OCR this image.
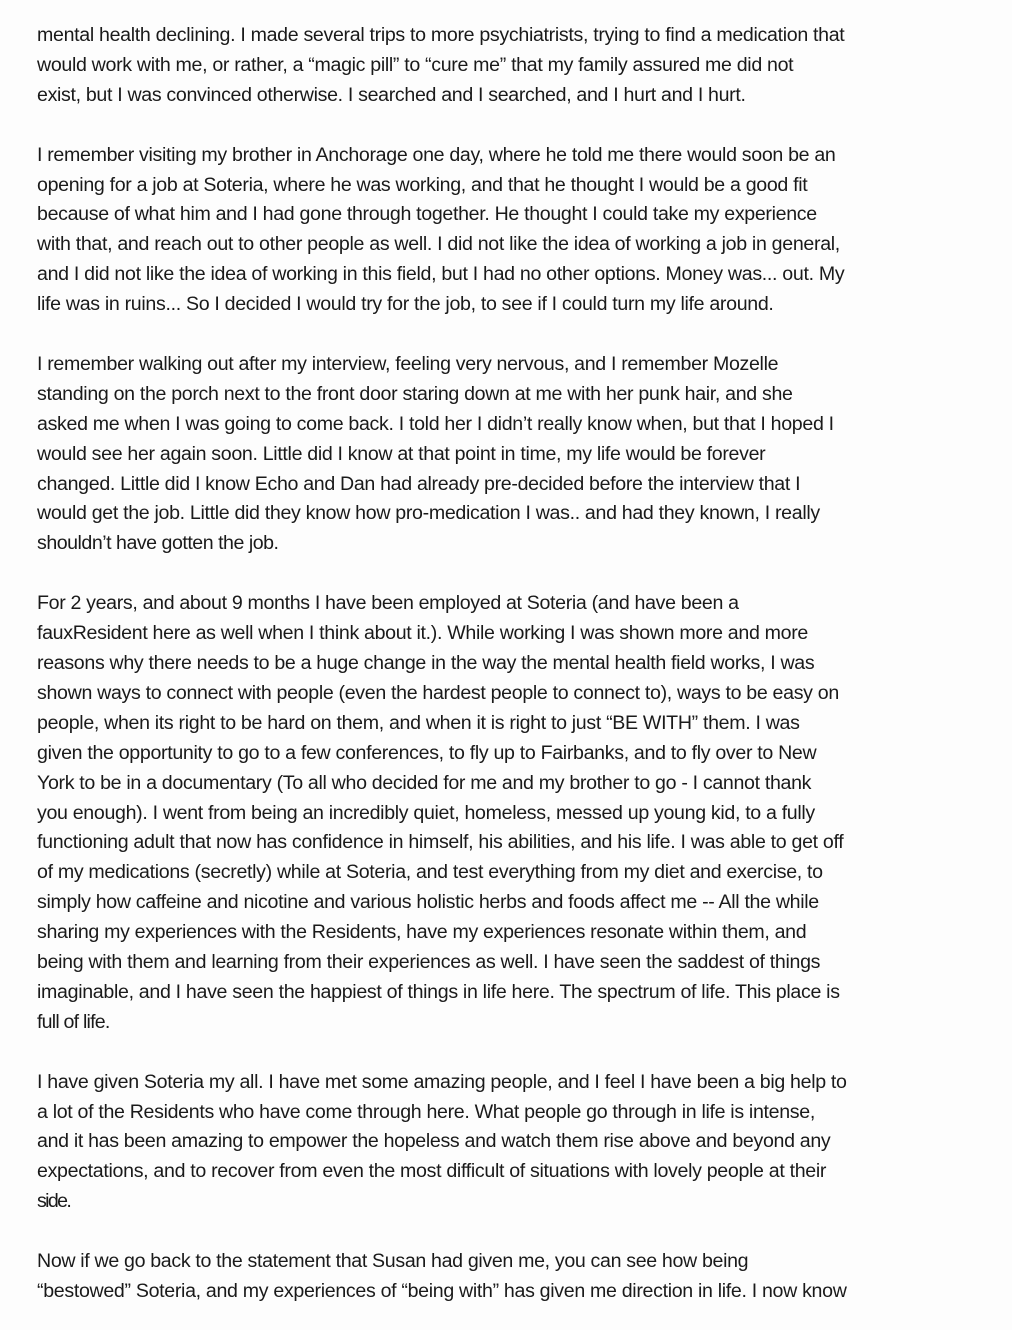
mental health declining. I made several trips to more psychiatrists, trying to find a medication that
would work with me, or rather, a “magic pill” to “cure me” that my family assured me did not
exist, but I was convinced otherwise. I searched and I searched, and I hurt and I hurt.

I remember visiting my brother in Anchorage one day, where he told me there would soon be an
opening for a job at Soteria, where he was working, and that he thought I would be a good fit
because of what him and I had gone through together. He thought I could take my experience
with that, and reach out to other people as well. I did not like the idea of working a job in general,
and I did not like the idea of working in this field, but I had no other options. Money was... out. My
life was in ruins... So I decided I would try for the job, to see if I could turn my life around.

I remember walking out after my interview, feeling very nervous, and I remember Mozelle
standing on the porch next to the front door staring down at me with her punk hair, and she
asked me when I was going to come back. I told her I didn’t really know when, but that I hoped I
would see her again soon. Little did I know at that point in time, my life would be forever
changed. Little did I know Echo and Dan had already pre-decided before the interview that I
would get the job. Little did they know how pro-medication I was.. and had they known, I really
shouldn’t have gotten the job.

For 2 years, and about 9 months I have been employed at Soteria (and have been a
fauxResident here as well when I think about it.). While working I was shown more and more
reasons why there needs to be a huge change in the way the mental health field works, I was
shown ways to connect with people (even the hardest people to connect to), ways to be easy on
people, when its right to be hard on them, and when it is right to just “BE WITH” them. I was
given the opportunity to go to a few conferences, to fly up to Fairbanks, and to fly over to New
York to be in a documentary (To all who decided for me and my brother to go - I cannot thank
you enough). I went from being an incredibly quiet, homeless, messed up young kid, to a fully
functioning adult that now has confidence in himself, his abilities, and his life. I was able to get off
of my medications (secretly) while at Soteria, and test everything from my diet and exercise, to
simply how caffeine and nicotine and various holistic herbs and foods affect me -- All the while
sharing my experiences with the Residents, have my experiences resonate within them, and
being with them and learning from their experiences as well. I have seen the saddest of things
imaginable, and I have seen the happiest of things in life here. The spectrum of life. This place is
full of life.

I have given Soteria my all. I have met some amazing people, and I feel I have been a big help to
a lot of the Residents who have come through here. What people go through in life is intense,
and it has been amazing to empower the hopeless and watch them rise above and beyond any
expectations, and to recover from even the most difficult of situations with lovely people at their
side.

Now if we go back to the statement that Susan had given me, you can see how being
“bestowed” Soteria, and my experiences of “being with” has given me direction in life. I now know
